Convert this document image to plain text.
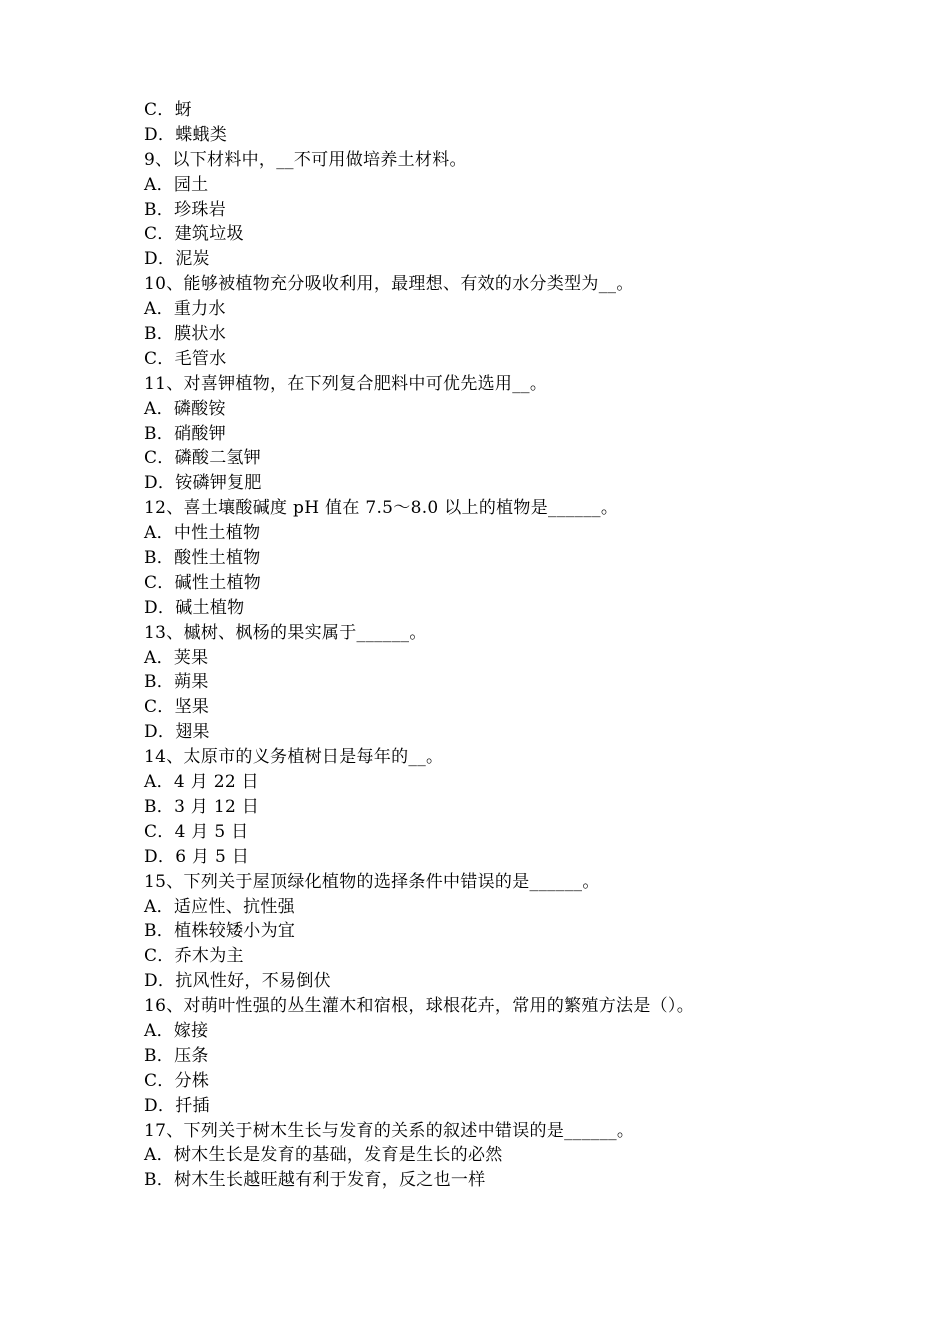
C．蚜
D．蝶蛾类
9、以下材料中，__不可用做培养土材料。
A．园土
B．珍珠岩
C．建筑垃圾
D．泥炭
10、能够被植物充分吸收利用，最理想、有效的水分类型为__。
A．重力水
B．膜状水
C．毛管水
11、对喜钾植物，在下列复合肥料中可优先选用__。
A．磷酸铵
B．硝酸钾
C．磷酸二氢钾
D．铵磷钾复肥
12、喜土壤酸碱度 pH 值在 7.5～8.0 以上的植物是______。
A．中性土植物
B．酸性土植物
C．碱性土植物
D．碱土植物
13、槭树、枫杨的果实属于______。
A．荚果
B．蒴果
C．坚果
D．翅果
14、太原市的义务植树日是每年的__。
A．4 月 22 日
B．3 月 12 日
C．4 月 5 日
D．6 月 5 日
15、下列关于屋顶绿化植物的选择条件中错误的是______。
A．适应性、抗性强
B．植株较矮小为宜
C．乔木为主
D．抗风性好，不易倒伏
16、对萌叶性强的丛生灌木和宿根，球根花卉，常用的繁殖方法是（）。
A．嫁接
B．压条
C．分株
D．扦插
17、下列关于树木生长与发育的关系的叙述中错误的是______。
A．树木生长是发育的基础，发育是生长的必然
B．树木生长越旺越有利于发育，反之也一样
